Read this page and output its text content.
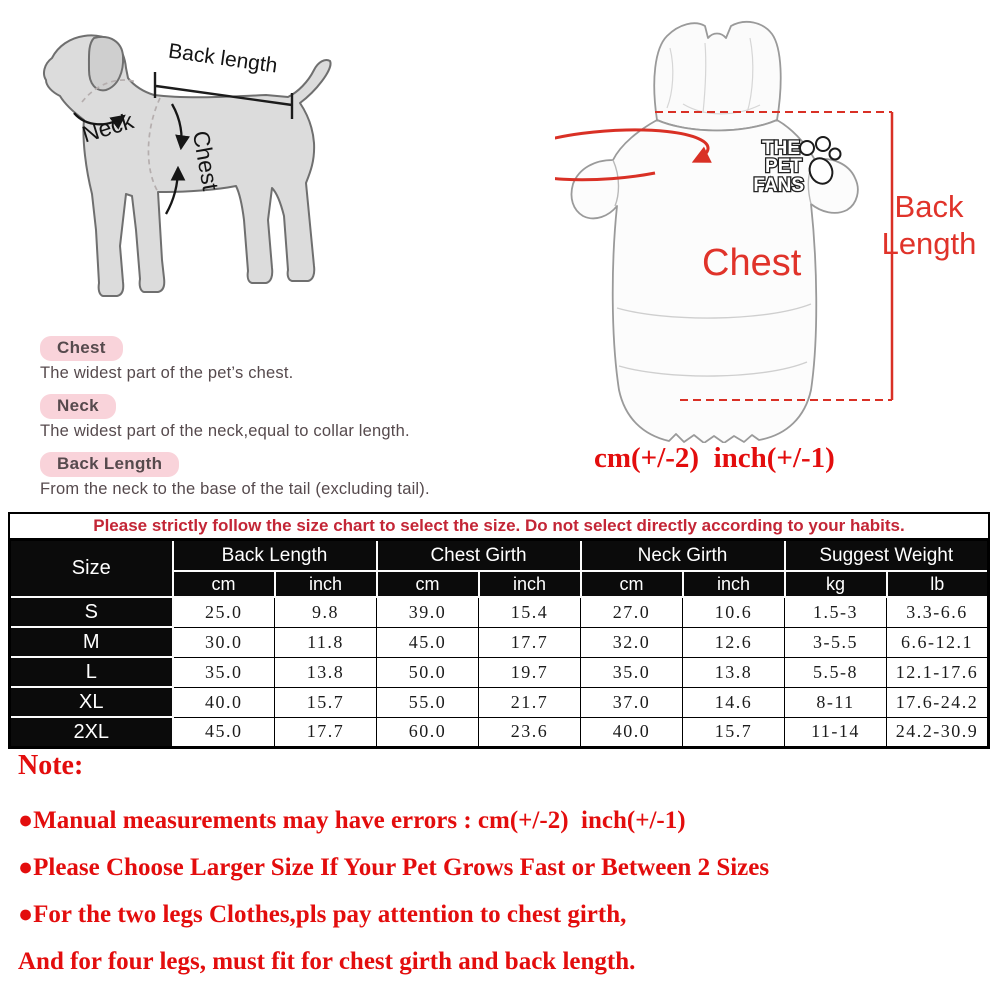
Back length
Neck
Chest
Chest
The widest part of the pet’s chest.
Neck
The widest part of the neck,equal to collar length.
Back Length
From the neck to the base of the tail (excluding tail).
THE
PET
FANS
Chest
Back Length
cm(+/-2)  inch(+/-1)
Please strictly follow the size chart to select the size. Do not select directly according to your habits.
Size	Back Length		Chest Girth		Neck Girth		Suggest Weight	
	cm	inch	cm	inch	cm	inch	kg	lb
S	25.0	9.8	39.0	15.4	27.0	10.6	1.5-3	3.3-6.6
M	30.0	11.8	45.0	17.7	32.0	12.6	3-5.5	6.6-12.1
L	35.0	13.8	50.0	19.7	35.0	13.8	5.5-8	12.1-17.6
XL	40.0	15.7	55.0	21.7	37.0	14.6	8-11	17.6-24.2
2XL	45.0	17.7	60.0	23.6	40.0	15.7	11-14	24.2-30.9
Note:
●Manual measurements may have errors : cm(+/-2)  inch(+/-1)
●Please Choose Larger Size If Your Pet Grows Fast or Between 2 Sizes
●For the two legs Clothes,pls pay attention to chest girth,
And for four legs, must fit for chest girth and back length.
